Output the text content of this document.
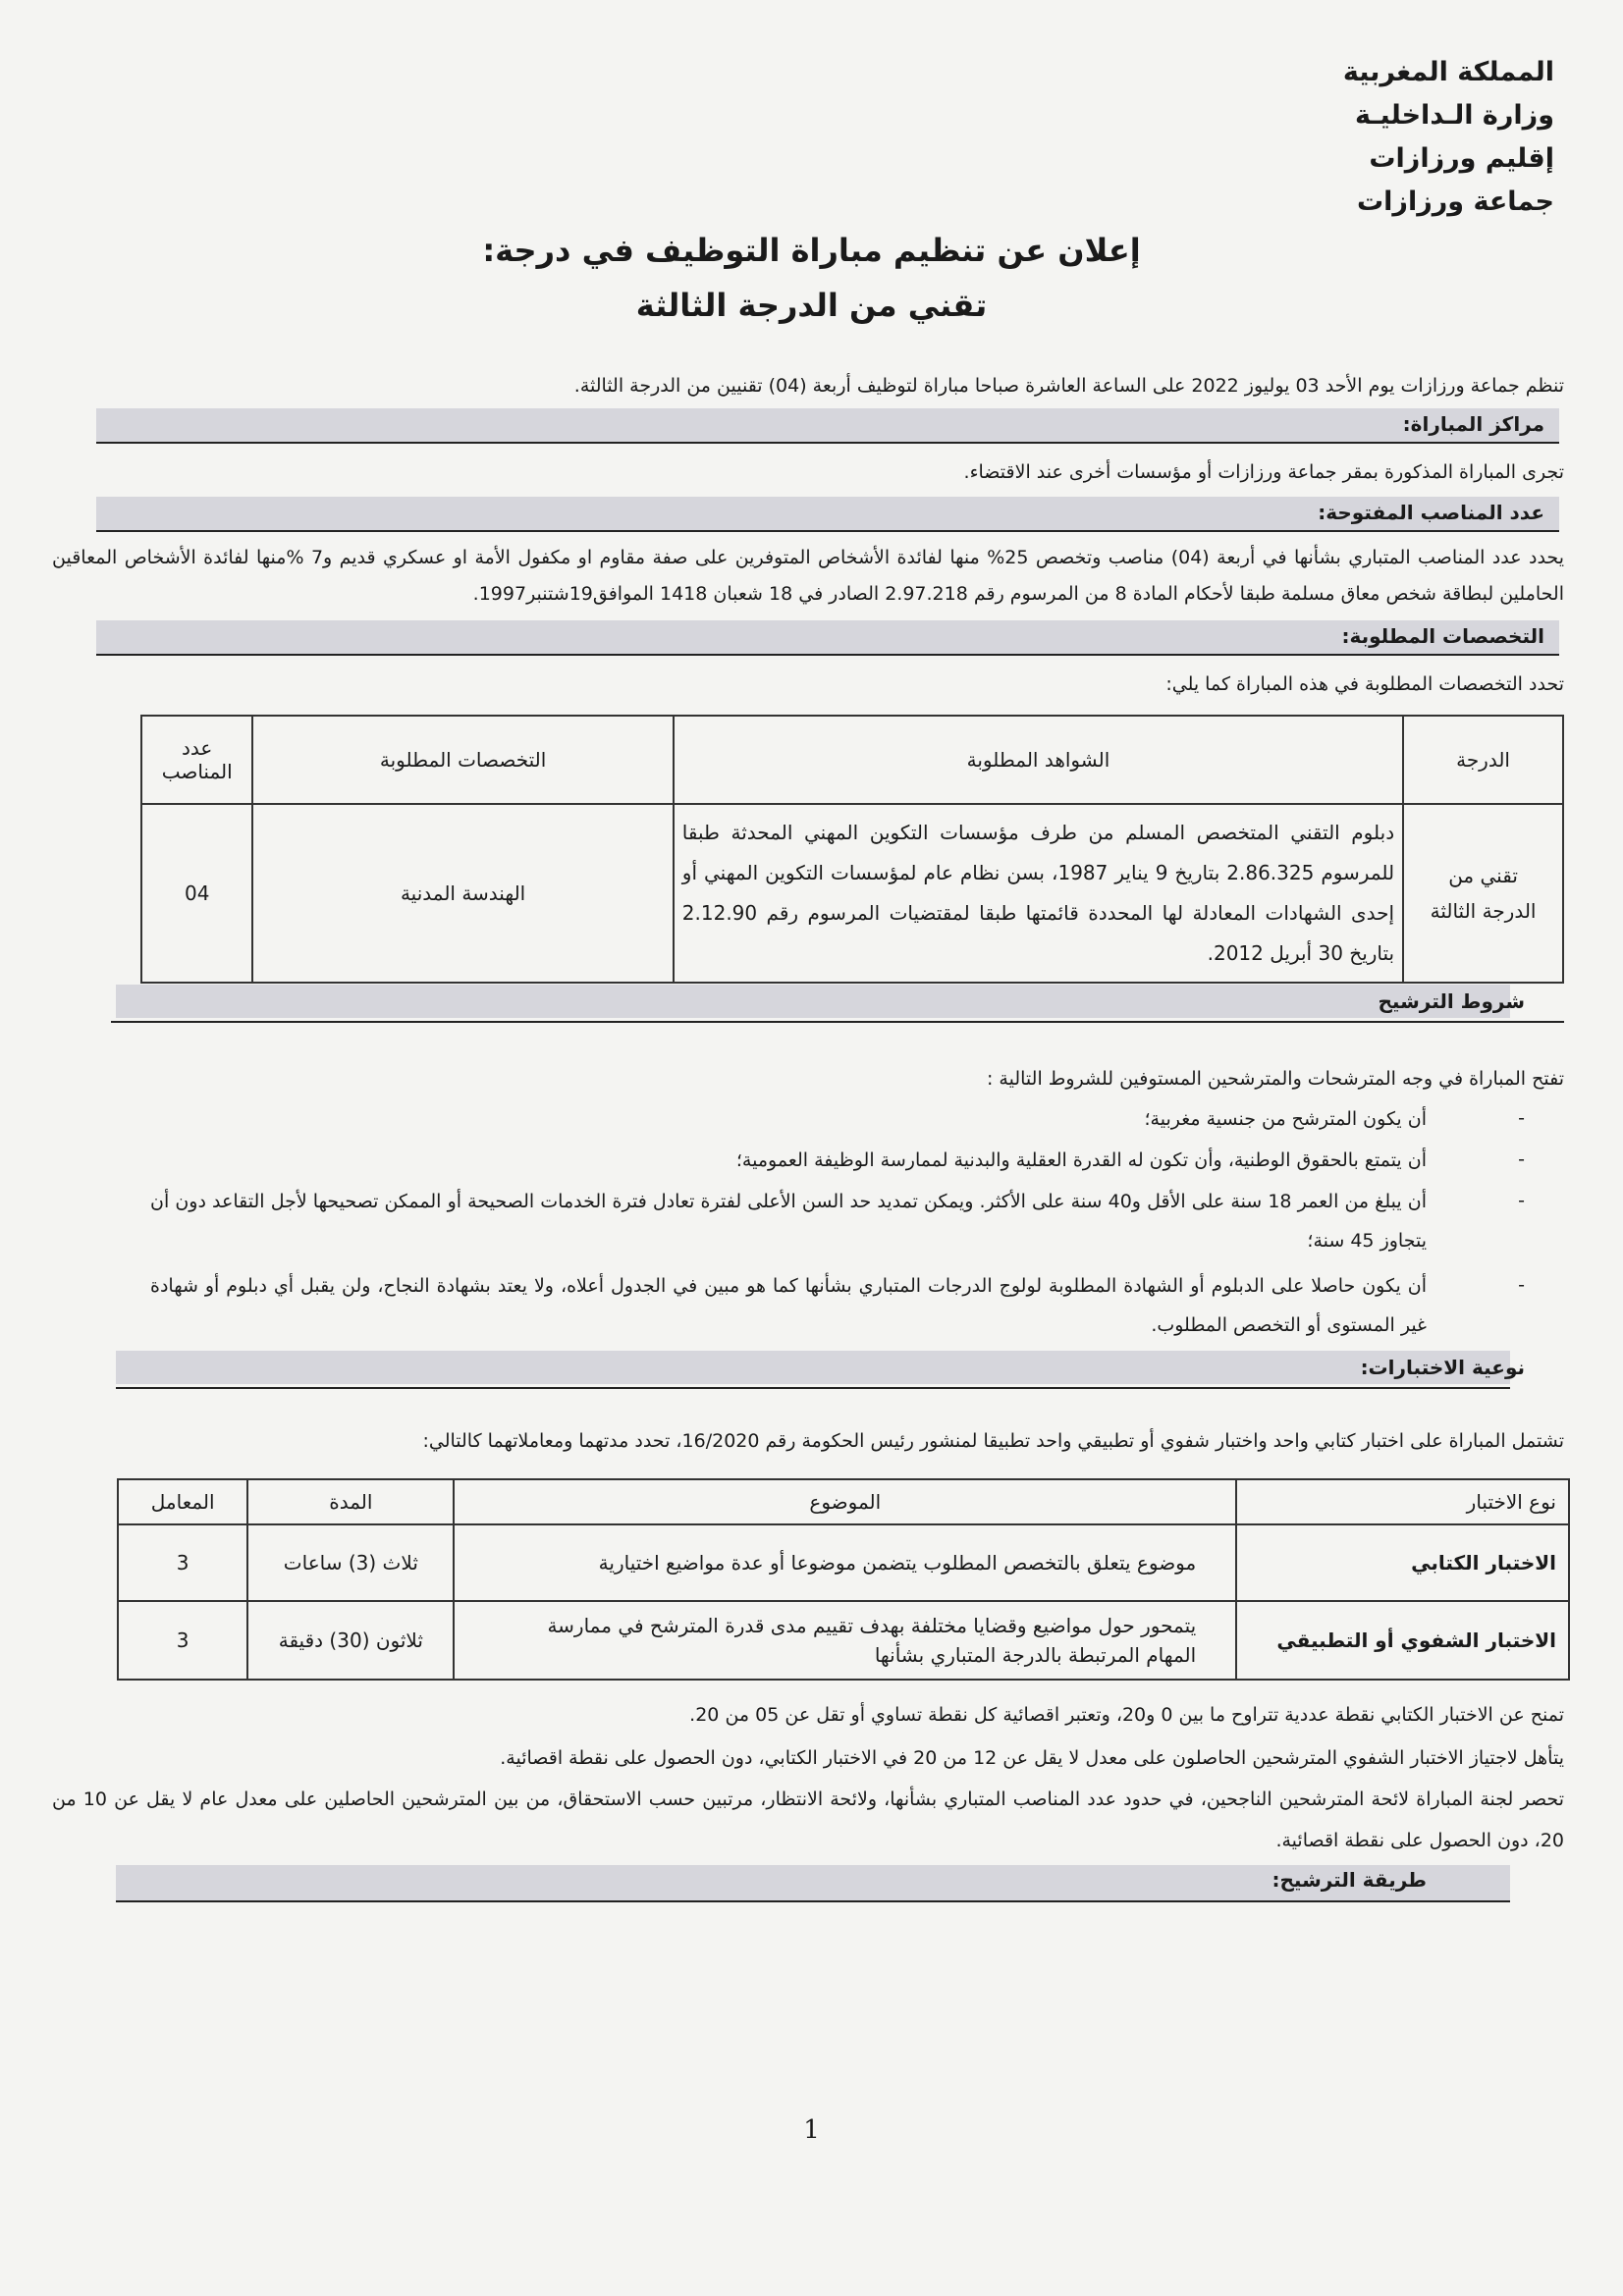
المملكة المغربية
وزارة الـداخليـة
إقليم ورزازات
جماعة ورزازات
إعلان عن تنظيم مباراة التوظيف في درجة:
تقني من الدرجة الثالثة
تنظم جماعة ورزازات يوم الأحد 03 يوليوز 2022 على الساعة العاشرة صباحا مباراة لتوظيف أربعة (04) تقنيين من الدرجة الثالثة.
مراكز المباراة:
تجرى المباراة المذكورة بمقر جماعة ورزازات أو مؤسسات أخرى عند الاقتضاء.
عدد المناصب المفتوحة:
يحدد عدد المناصب المتباري بشأنها في أربعة (04) مناصب وتخصص 25% منها لفائدة الأشخاص المتوفرين على صفة مقاوم او مكفول الأمة او عسكري قديم و7 %منها لفائدة الأشخاص المعاقين الحاملين لبطاقة شخص معاق مسلمة طبقا لأحكام المادة 8 من المرسوم رقم 2.97.218 الصادر في 18 شعبان 1418 الموافق19شتنبر1997.
التخصصات المطلوبة:
تحدد التخصصات المطلوبة في هذه المباراة كما يلي:
الدرجة	الشواهد المطلوبة	التخصصات المطلوبة	عدد المناصب
تقني من الدرجة الثالثة	دبلوم التقني المتخصص المسلم من طرف مؤسسات التكوين المهني المحدثة طبقا للمرسوم 2.86.325 بتاريخ 9 يناير 1987، بسن نظام عام لمؤسسات التكوين المهني أو إحدى الشهادات المعادلة لها المحددة قائمتها طبقا لمقتضيات المرسوم رقم 2.12.90 بتاريخ 30 أبريل 2012.	الهندسة المدنية	04
شروط الترشيح
تفتح المباراة في وجه المترشحات والمترشحين المستوفين للشروط التالية :
-
أن يكون المترشح من جنسية مغربية؛
-
أن يتمتع بالحقوق الوطنية، وأن تكون له القدرة العقلية والبدنية لممارسة الوظيفة العمومية؛
-
أن يبلغ من العمر 18 سنة على الأقل و40 سنة على الأكثر. ويمكن تمديد حد السن الأعلى لفترة تعادل فترة الخدمات الصحيحة أو الممكن تصحيحها لأجل التقاعد دون أن يتجاوز 45 سنة؛
-
أن يكون حاصلا على الدبلوم أو الشهادة المطلوبة لولوج الدرجات المتباري بشأنها كما هو مبين في الجدول أعلاه، ولا يعتد بشهادة النجاح، ولن يقبل أي دبلوم أو شهادة غير المستوى أو التخصص المطلوب.
نوعية الاختبارات:
تشتمل المباراة على اختبار كتابي واحد واختبار شفوي أو تطبيقي واحد تطبيقا لمنشور رئيس الحكومة رقم 16/2020، تحدد مدتهما ومعاملاتهما كالتالي:
نوع الاختبار	الموضوع	المدة	المعامل
الاختبار الكتابي	موضوع يتعلق بالتخصص المطلوب يتضمن موضوعا أو عدة مواضيع اختيارية	ثلاث (3) ساعات	3
الاختبار الشفوي أو التطبيقي	يتمحور حول مواضيع وقضايا مختلفة بهدف تقييم مدى قدرة المترشح في ممارسة المهام المرتبطة بالدرجة المتباري بشأنها	ثلاثون (30) دقيقة	3
تمنح عن الاختبار الكتابي نقطة عددية تتراوح ما بين 0 و20، وتعتبر اقصائية كل نقطة تساوي أو تقل عن 05 من 20.
يتأهل لاجتياز الاختبار الشفوي المترشحين الحاصلون على معدل لا يقل عن 12 من 20 في الاختبار الكتابي، دون الحصول على نقطة اقصائية.
تحصر لجنة المباراة لائحة المترشحين الناجحين، في حدود عدد المناصب المتباري بشأنها، ولائحة الانتظار، مرتبين حسب الاستحقاق، من بين المترشحين الحاصلين على معدل عام لا يقل عن 10 من 20، دون الحصول على نقطة اقصائية.
طريقة الترشيح:
1
